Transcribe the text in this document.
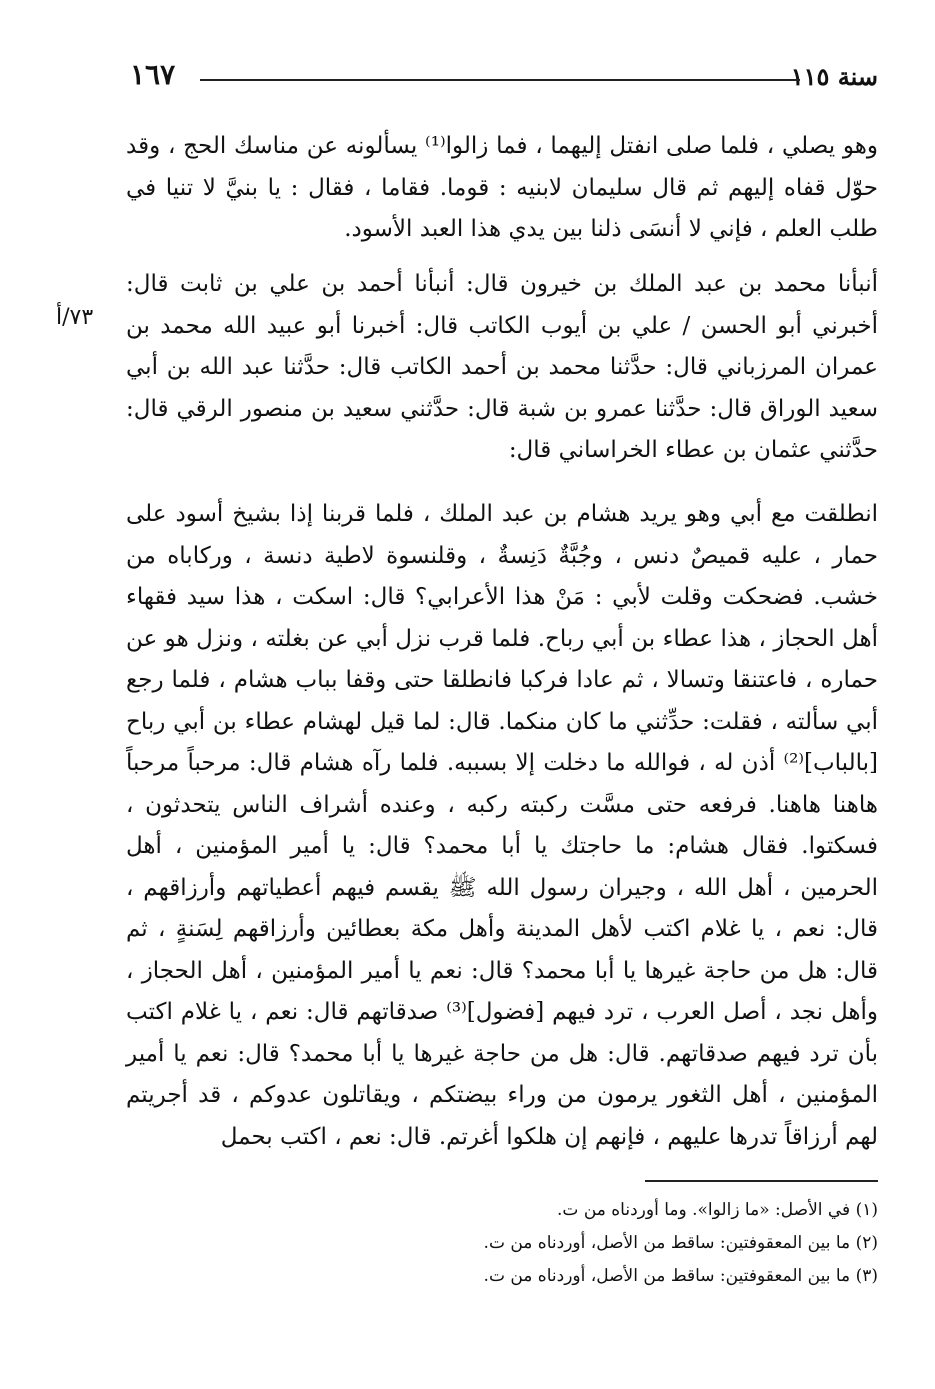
سنة ١١٥
١٦٧

وهو يصلي ، فلما صلى انفتل إليهما ، فما زالوا⁽¹⁾ يسألونه عن مناسك الحج ، وقد حوّل قفاه إليهم ثم قال سليمان لابنيه : قوما. فقاما ، فقال : يا بنيَّ لا تنيا في طلب العلم ، فإني لا أنسَى ذلنا بين يدي هذا العبد الأسود.

أنبأنا محمد بن عبد الملك بن خيرون قال: أنبأنا أحمد بن علي بن ثابت قال: أخبرني أبو الحسن / علي بن أيوب الكاتب قال: أخبرنا أبو عبيد الله محمد بن عمران المرزباني قال: حدَّثنا محمد بن أحمد الكاتب قال: حدَّثنا عبد الله بن أبي سعيد الوراق قال: حدَّثنا عمرو بن شبة قال: حدَّثني سعيد بن منصور الرقي قال: حدَّثني عثمان بن عطاء الخراساني قال:

٧٣/أ

انطلقت مع أبي وهو يريد هشام بن عبد الملك ، فلما قربنا إذا بشيخ أسود على حمار ، عليه قميصٌ دنس ، وجُبَّةٌ دَنِسةٌ ، وقلنسوة لاطية دنسة ، وركاباه من خشب. فضحكت وقلت لأبي : مَنْ هذا الأعرابي؟ قال: اسكت ، هذا سيد فقهاء أهل الحجاز ، هذا عطاء بن أبي رباح. فلما قرب نزل أبي عن بغلته ، ونزل هو عن حماره ، فاعتنقا وتسالا ، ثم عادا فركبا فانطلقا حتى وقفا بباب هشام ، فلما رجع أبي سألته ، فقلت: حدِّثني ما كان منكما. قال: لما قيل لهشام عطاء بن أبي رباح [بالباب]⁽²⁾ أذن له ، فوالله ما دخلت إلا بسببه. فلما رآه هشام قال: مرحباً مرحباً هاهنا هاهنا. فرفعه حتى مسَّت ركبته ركبه ، وعنده أشراف الناس يتحدثون ، فسكتوا. فقال هشام: ما حاجتك يا أبا محمد؟ قال: يا أمير المؤمنين ، أهل الحرمين ، أهل الله ، وجيران رسول الله ﷺ يقسم فيهم أعطياتهم وأرزاقهم ، قال: نعم ، يا غلام اكتب لأهل المدينة وأهل مكة بعطائين وأرزاقهم لِسَنةٍ ، ثم قال: هل من حاجة غيرها يا أبا محمد؟ قال: نعم يا أمير المؤمنين ، أهل الحجاز ، وأهل نجد ، أصل العرب ، ترد فيهم [فضول]⁽³⁾ صدقاتهم قال: نعم ، يا غلام اكتب بأن ترد فيهم صدقاتهم. قال: هل من حاجة غيرها يا أبا محمد؟ قال: نعم يا أمير المؤمنين ، أهل الثغور يرمون من وراء بيضتكم ، ويقاتلون عدوكم ، قد أجريتم لهم أرزاقاً تدرها عليهم ، فإنهم إن هلكوا أغرتم. قال: نعم ، اكتب بحمل

(١) في الأصل: «ما زالوا». وما أوردناه من ت.
(٢) ما بين المعقوفتين: ساقط من الأصل، أوردناه من ت.
(٣) ما بين المعقوفتين: ساقط من الأصل، أوردناه من ت.
